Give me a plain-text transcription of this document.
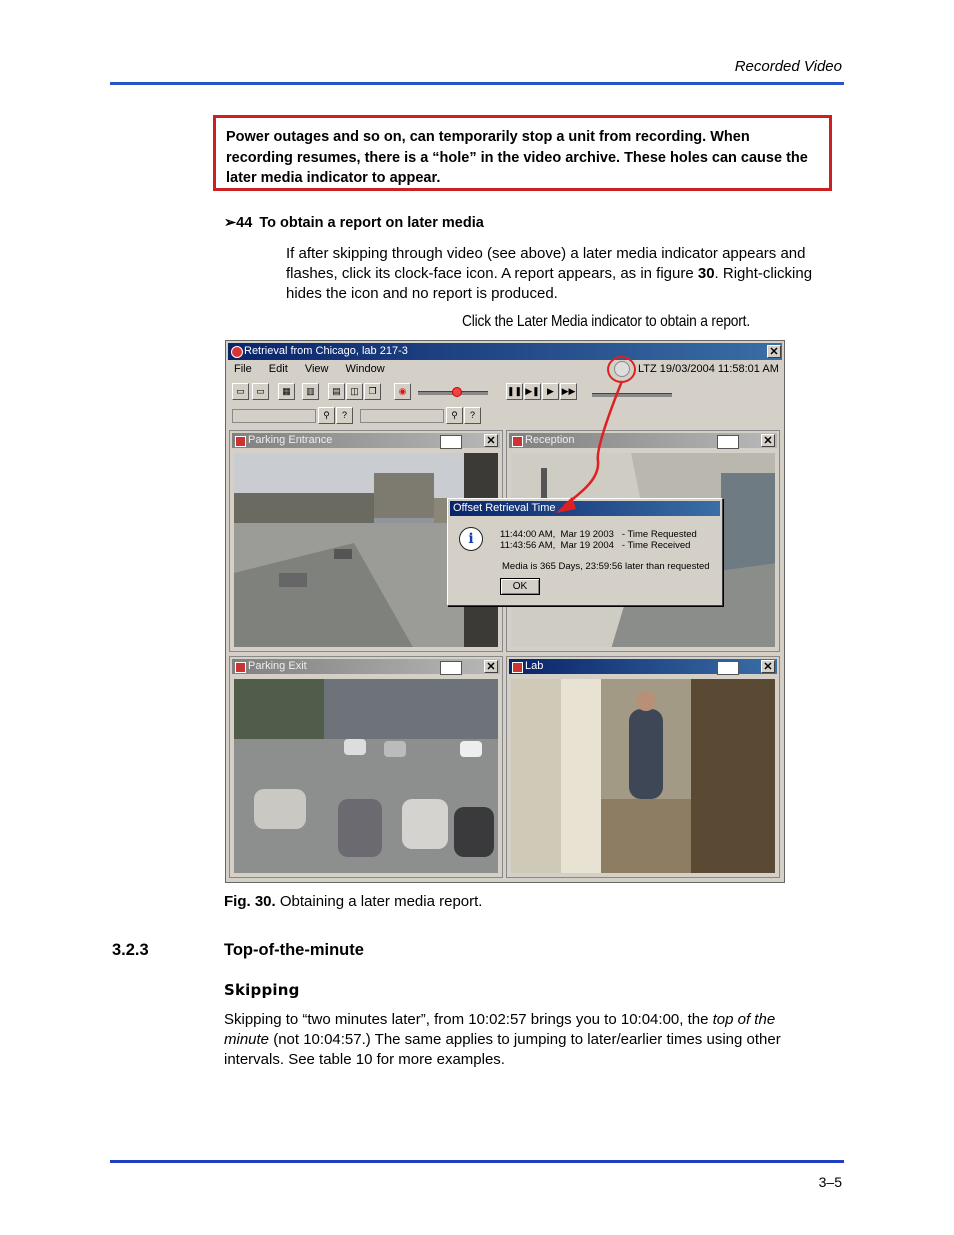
Recorded Video
Power outages and so on, can temporarily stop a unit from recording. When recording resumes, there is a “hole” in the video archive. These holes can cause the later media indicator to appear.
➢44 To obtain a report on later media
If after skipping through video (see above) a later media indicator appears and flashes, click its clock-face icon. A report appears, as in figure 30. Right-clicking hides the icon and no report is produced.
Click the Later Media indicator to obtain a report.
Retrieval from Chicago, lab 217-3	✕
File Edit View Window	LTZ 19/03/2004 11:58:01 AM
▭	▭	▦	▥	▤	◫	❐	◉	❚❚ ▶❚ ▶ ▶▶
⚲	?	⚲	?
Parking Entrance	✕	Reception	✕
Parking Exit	✕	Lab	✕
Offset Retrieval Time
i	11:44:00 AM,  Mar 19 2003   - Time Requested
11:43:56 AM,  Mar 19 2004   - Time Received
Media is 365 Days, 23:59:56 later than requested
OK
Fig. 30. Obtaining a later media report.
3.2.3	Top-of-the-minute
Skipping
Skipping to “two minutes later”, from 10:02:57 brings you to 10:04:00, the top of the minute (not 10:04:57.) The same applies to jumping to later/earlier times using other intervals. See table 10 for more examples.
3–5
